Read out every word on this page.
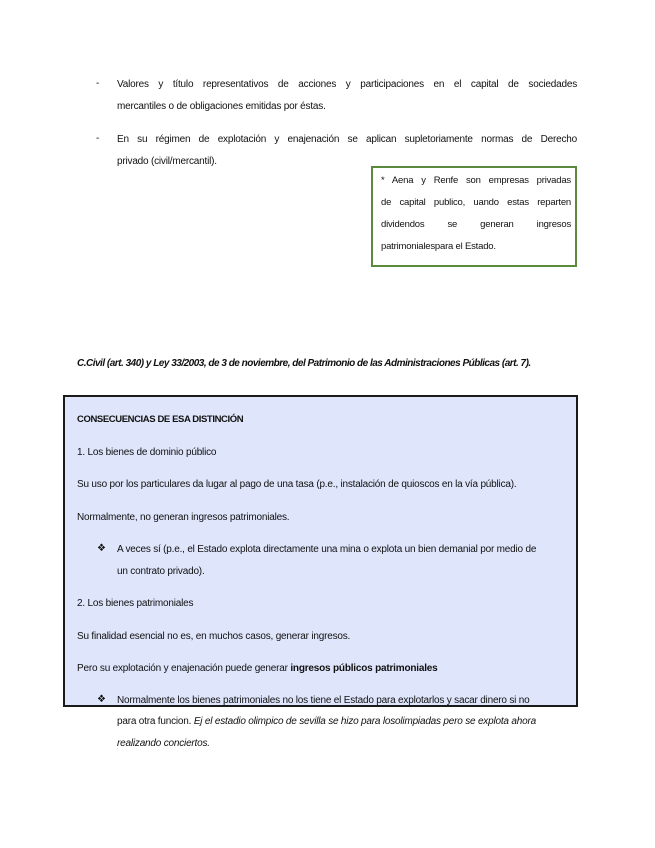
- Valores y título representativos de acciones y participaciones en el capital de sociedades
mercantiles o de obligaciones emitidas por éstas.
- En su régimen de explotación y enajenación se aplican supletoriamente normas de Derecho
privado (civil/mercantil).
* Aena y Renfe son empresas privadas
de capital publico, uando estas reparten
dividendos se generan ingresos
patrimonialespara el Estado.
C.Civil (art. 340) y Ley 33/2003, de 3 de noviembre, del Patrimonio de las Administraciones Públicas (art. 7).
CONSECUENCIAS DE ESA DISTINCIÓN
1. Los bienes de dominio público
Su uso por los particulares da lugar al pago de una tasa (p.e., instalación de quioscos en la vía pública).
Normalmente, no generan ingresos patrimoniales.
❖ A veces sí (p.e., el Estado explota directamente una mina o explota un bien demanial por medio de
un contrato privado).
2. Los bienes patrimoniales
Su finalidad esencial no es, en muchos casos, generar ingresos.
Pero su explotación y enajenación puede generar ingresos públicos patrimoniales
❖ Normalmente los bienes patrimoniales no los tiene el Estado para explotarlos y sacar dinero si no
para otra funcion. Ej el estadio olimpico de sevilla se hizo para losolimpiadas pero se explota ahora
realizando conciertos.
